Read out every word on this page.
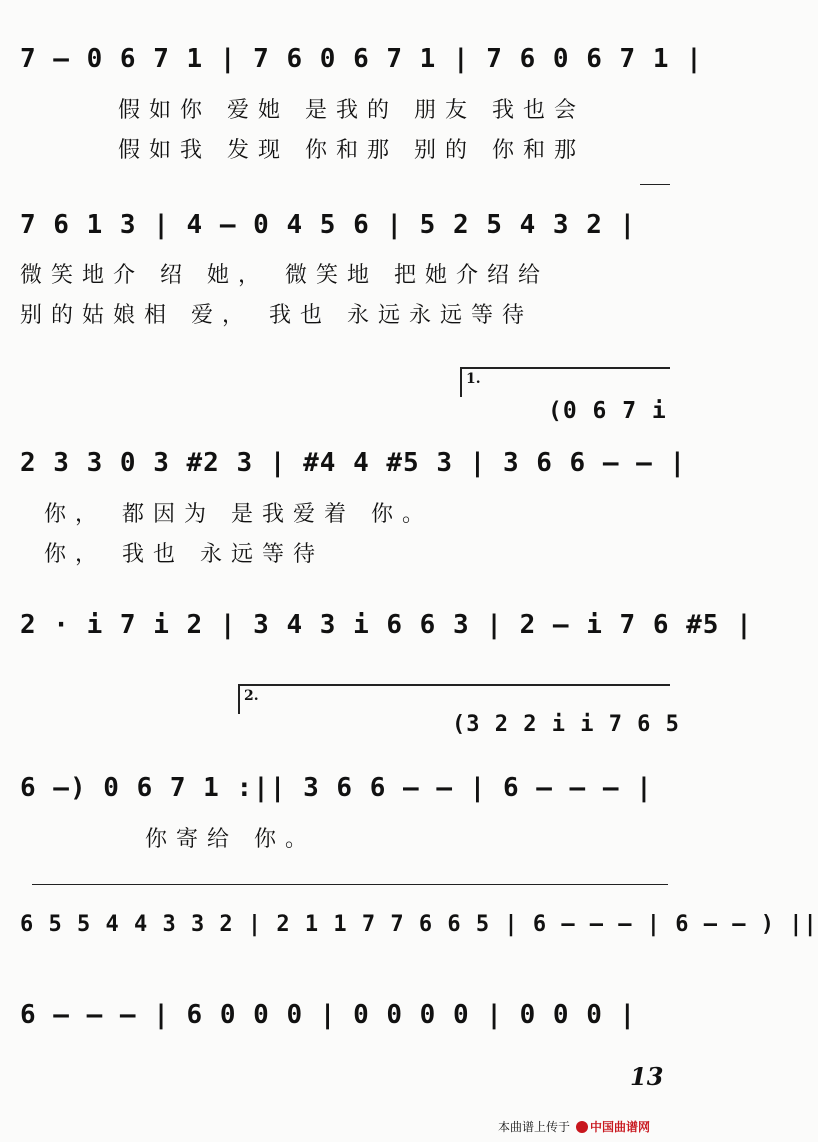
7 — 0 6 7 1 | 7 6 0 6 7 1 | 7 6 0 6 7 1 |
假如你 爱她 是我的 朋友 我也会
假如我 发现 你和那 别的 你和那
7 6 1 3 | 4 — 0 4 5 6 | 5 2 5 4 3 2 |
微笑地介 绍 她， 微笑地 把她介绍给
别的姑娘相 爱， 我也 永远永远等待
1.
(0 6 7 i
2 3 3 0 3 #2 3 | #4 4 #5 3 | 3 6 6 — — |
你， 都因为 是我爱着 你。
你， 我也 永远等待
2 · i 7 i 2 | 3 4 3 i 6 6 3 | 2 — i 7 6 #5 |
2.
(3 2 2 i i 7 6 5
6 —) 0 6 7 1 :|| 3 6 6 — — | 6 — — — |
你寄给 你。
6 5 5 4 4 3 3 2 | 2 1 1 7 7 6 6 5 | 6 — — — | 6 — — ) ||
6 — — — | 6 0 0 0 | 0 0 0 0 | 0 0 0 |
13
本曲谱上传于 中国曲谱网
